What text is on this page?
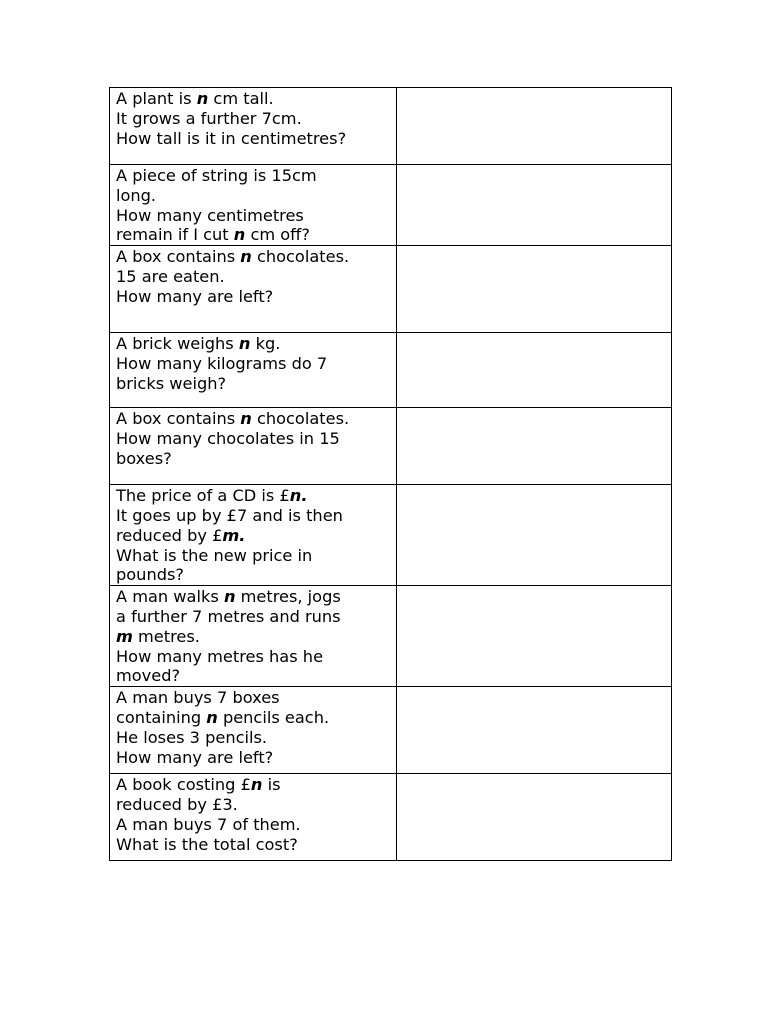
A plant is n cm tall.
It grows a further 7cm.
How tall is it in centimetres?	

A piece of string is 15cm
long.
How many centimetres
remain if I cut n cm off?	

A box contains n chocolates.
15 are eaten.
How many are left?	

A brick weighs n kg.
How many kilograms do 7
bricks weigh?	

A box contains n chocolates.
How many chocolates in 15
boxes?	

The price of a CD is £n.
It goes up by £7 and is then
reduced by £m.
What is the new price in
pounds?	

A man walks n metres, jogs
a further 7 metres and runs
m metres.
How many metres has he
moved?	

A man buys 7 boxes
containing n pencils each.
He loses 3 pencils.
How many are left?	

A book costing £n is
reduced by £3.
A man buys 7 of them.
What is the total cost?	
